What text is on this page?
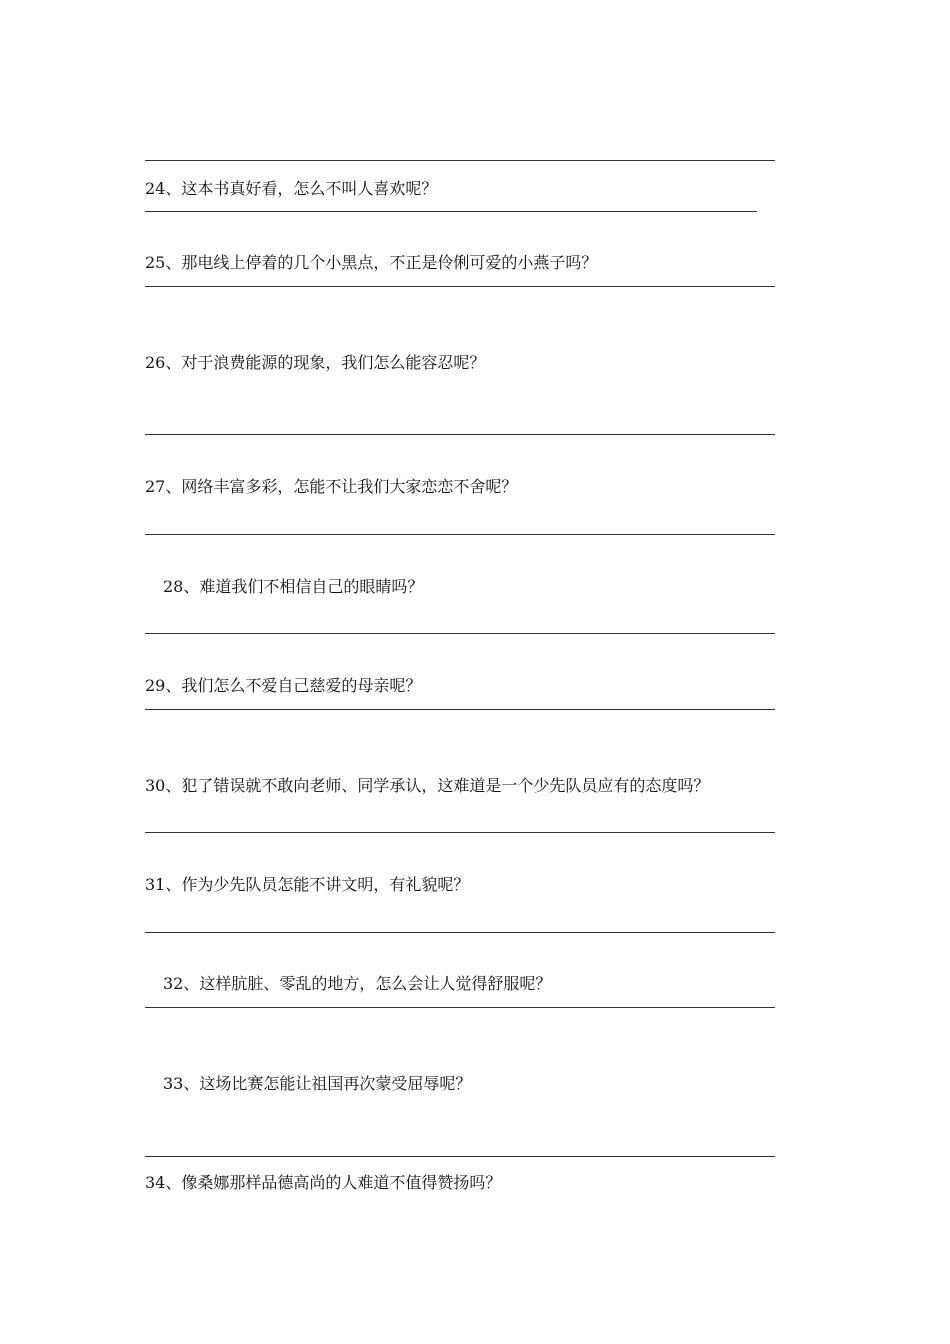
24、这本书真好看，怎么不叫人喜欢呢？
25、那电线上停着的几个小黑点，不正是伶俐可爱的小燕子吗？
26、对于浪费能源的现象，我们怎么能容忍呢？
27、网络丰富多彩，怎能不让我们大家恋恋不舍呢？
28、难道我们不相信自己的眼睛吗？
29、我们怎么不爱自己慈爱的母亲呢？
30、犯了错误就不敢向老师、同学承认，这难道是一个少先队员应有的态度吗？
31、作为少先队员怎能不讲文明，有礼貌呢？
32、这样肮脏、零乱的地方，怎么会让人觉得舒服呢？
33、这场比赛怎能让祖国再次蒙受屈辱呢？
34、像桑娜那样品德高尚的人难道不值得赞扬吗？
